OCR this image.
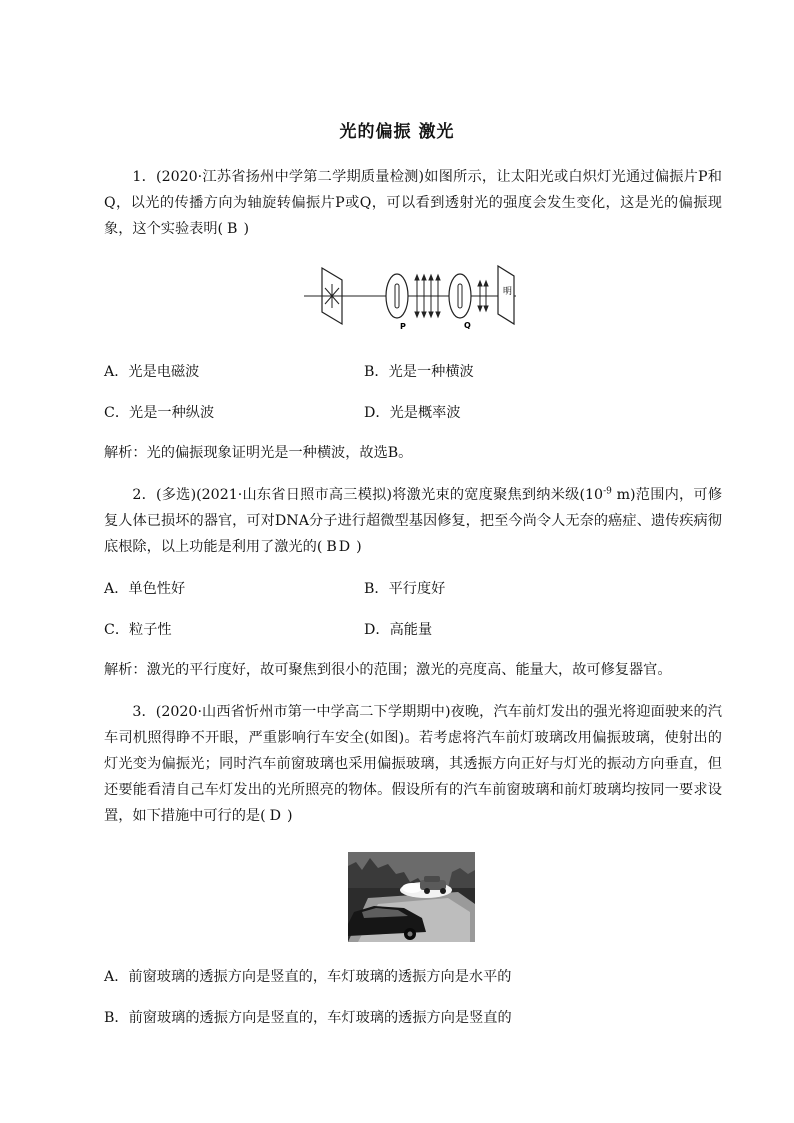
光的偏振 激光
1．(2020·江苏省扬州中学第二学期质量检测)如图所示，让太阳光或白炽灯光通过偏振片P和Q，以光的传播方向为轴旋转偏振片P或Q，可以看到透射光的强度会发生变化，这是光的偏振现象，这个实验表明( B )
P	Q
明
A．光是电磁波	B．光是一种横波
C．光是一种纵波	D．光是概率波
解析：光的偏振现象证明光是一种横波，故选B。
2．(多选)(2021·山东省日照市高三模拟)将激光束的宽度聚焦到纳米级($10^{-9}$ m)范围内，可修复人体已损坏的器官，可对DNA分子进行超微型基因修复，把至今尚令人无奈的癌症、遗传疾病彻底根除，以上功能是利用了激光的( BD )
A．单色性好	B．平行度好
C．粒子性	D．高能量
解析：激光的平行度好，故可聚焦到很小的范围；激光的亮度高、能量大，故可修复器官。
3．(2020·山西省忻州市第一中学高二下学期期中)夜晚，汽车前灯发出的强光将迎面驶来的汽车司机照得睁不开眼，严重影响行车安全(如图)。若考虑将汽车前灯玻璃改用偏振玻璃，使射出的灯光变为偏振光；同时汽车前窗玻璃也采用偏振玻璃，其透振方向正好与灯光的振动方向垂直，但还要能看清自己车灯发出的光所照亮的物体。假设所有的汽车前窗玻璃和前灯玻璃均按同一要求设置，如下措施中可行的是( D )
A．前窗玻璃的透振方向是竖直的，车灯玻璃的透振方向是水平的
B．前窗玻璃的透振方向是竖直的，车灯玻璃的透振方向是竖直的
